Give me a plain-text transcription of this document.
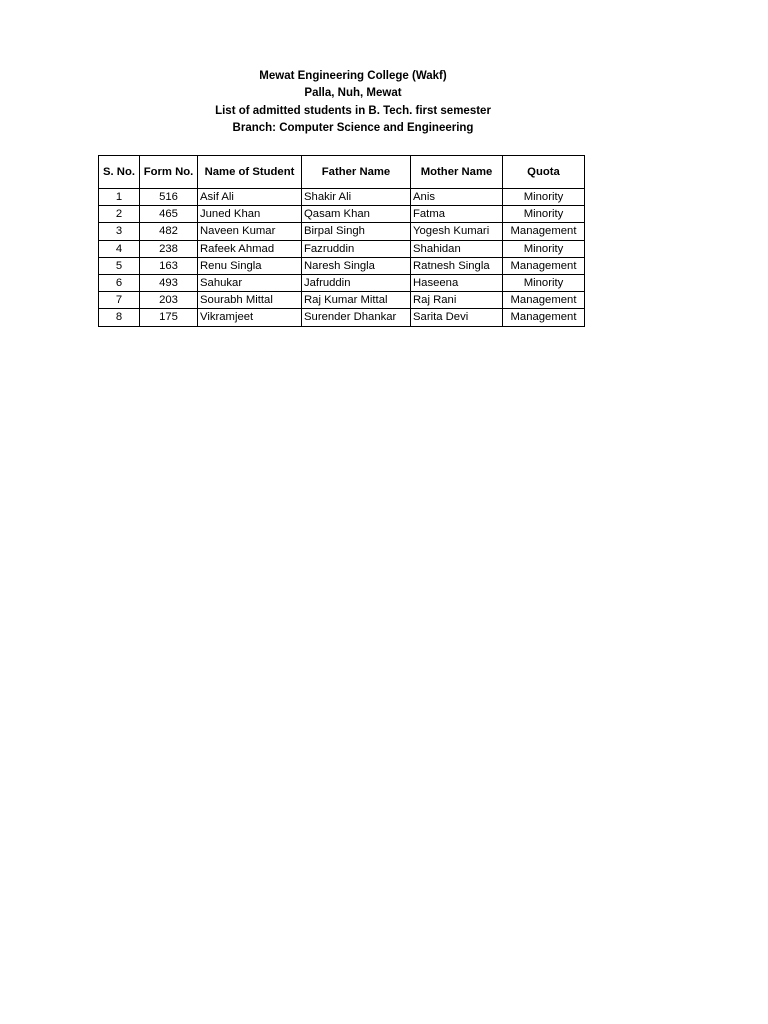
Mewat Engineering College (Wakf)
Palla, Nuh, Mewat
List of admitted students in B. Tech. first semester
Branch: Computer Science and Engineering
S. No.	Form No.	Name of Student	Father Name	Mother Name	Quota
1	516	Asif Ali	Shakir Ali	Anis	Minority
2	465	Juned Khan	Qasam Khan	Fatma	Minority
3	482	Naveen Kumar	Birpal Singh	Yogesh Kumari	Management
4	238	Rafeek Ahmad	Fazruddin	Shahidan	Minority
5	163	Renu Singla	Naresh Singla	Ratnesh Singla	Management
6	493	Sahukar	Jafruddin	Haseena	Minority
7	203	Sourabh Mittal	Raj Kumar Mittal	Raj Rani	Management
8	175	Vikramjeet	Surender Dhankar	Sarita Devi	Management
